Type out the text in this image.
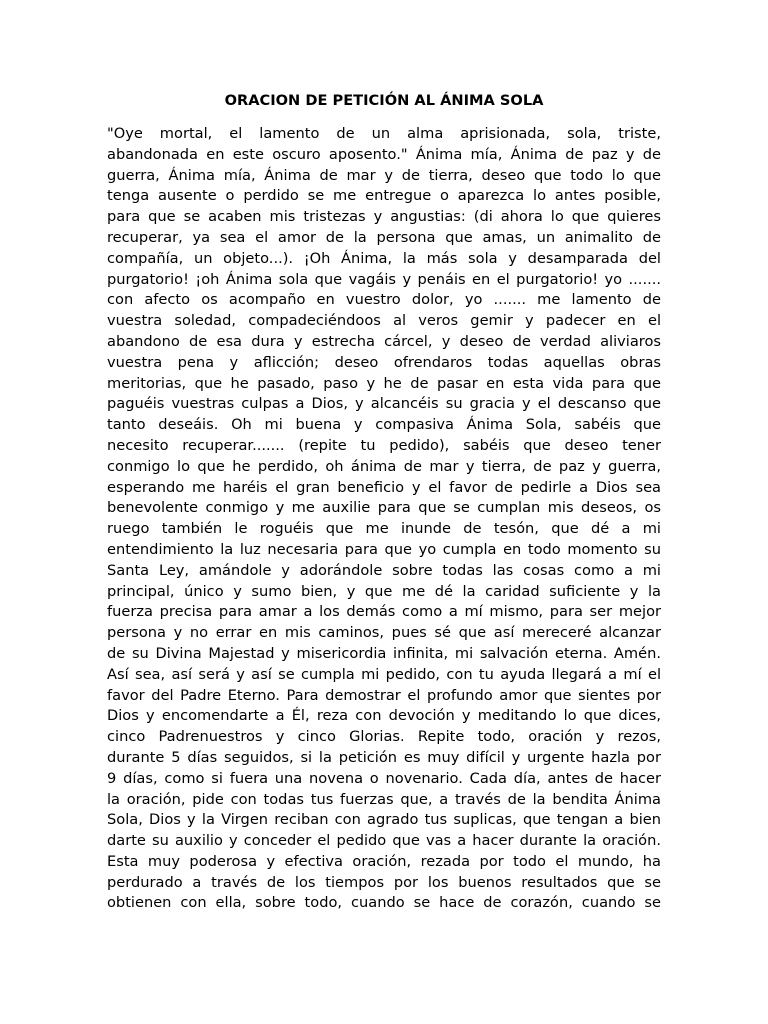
ORACION DE PETICIÓN AL ÁNIMA SOLA
"Oye mortal, el lamento de un alma aprisionada, sola, triste,
abandonada en este oscuro aposento." Ánima mía, Ánima de paz y de
guerra, Ánima mía, Ánima de mar y de tierra, deseo que todo lo que
tenga ausente o perdido se me entregue o aparezca lo antes posible,
para que se acaben mis tristezas y angustias: (di ahora lo que quieres
recuperar, ya sea el amor de la persona que amas, un animalito de
compañía, un objeto...). ¡Oh Ánima, la más sola y desamparada del
purgatorio! ¡oh Ánima sola que vagáis y penáis en el purgatorio! yo .......
con afecto os acompaño en vuestro dolor, yo ....... me lamento de
vuestra soledad, compadeciéndoos al veros gemir y padecer en el
abandono de esa dura y estrecha cárcel, y deseo de verdad aliviaros
vuestra pena y aflicción; deseo ofrendaros todas aquellas obras
meritorias, que he pasado, paso y he de pasar en esta vida para que
paguéis vuestras culpas a Dios, y alcancéis su gracia y el descanso que
tanto deseáis. Oh mi buena y compasiva Ánima Sola, sabéis que
necesito recuperar....... (repite tu pedido), sabéis que deseo tener
conmigo lo que he perdido, oh ánima de mar y tierra, de paz y guerra,
esperando me haréis el gran beneficio y el favor de pedirle a Dios sea
benevolente conmigo y me auxilie para que se cumplan mis deseos, os
ruego también le roguéis que me inunde de tesón, que dé a mi
entendimiento la luz necesaria para que yo cumpla en todo momento su
Santa Ley, amándole y adorándole sobre todas las cosas como a mi
principal, único y sumo bien, y que me dé la caridad suficiente y la
fuerza precisa para amar a los demás como a mí mismo, para ser mejor
persona y no errar en mis caminos, pues sé que así mereceré alcanzar
de su Divina Majestad y misericordia infinita, mi salvación eterna. Amén.
Así sea, así será y así se cumpla mi pedido, con tu ayuda llegará a mí el
favor del Padre Eterno. Para demostrar el profundo amor que sientes por
Dios y encomendarte a Él, reza con devoción y meditando lo que dices,
cinco Padrenuestros y cinco Glorias. Repite todo, oración y rezos,
durante 5 días seguidos, si la petición es muy difícil y urgente hazla por
9 días, como si fuera una novena o novenario. Cada día, antes de hacer
la oración, pide con todas tus fuerzas que, a través de la bendita Ánima
Sola, Dios y la Virgen reciban con agrado tus suplicas, que tengan a bien
darte su auxilio y conceder el pedido que vas a hacer durante la oración.
Esta muy poderosa y efectiva oración, rezada por todo el mundo, ha
perdurado a través de los tiempos por los buenos resultados que se
obtienen con ella, sobre todo, cuando se hace de corazón, cuando se
